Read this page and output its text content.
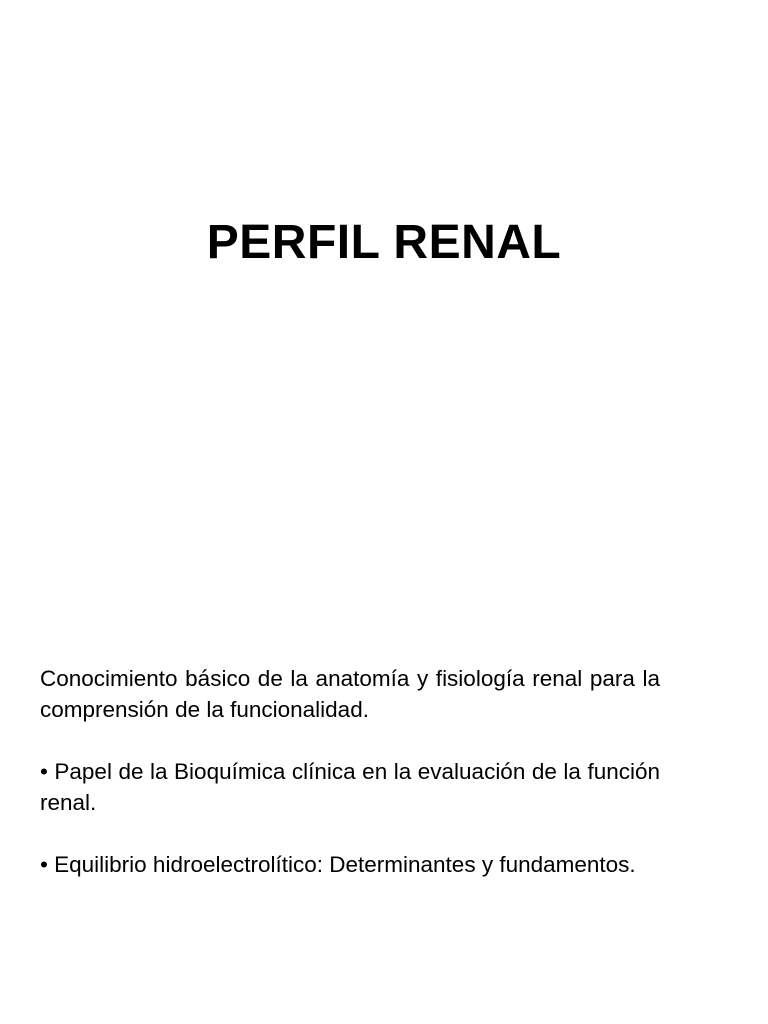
PERFIL RENAL

Conocimiento básico de la anatomía y fisiología renal para la comprensión de la funcionalidad.

• Papel de la Bioquímica clínica en la evaluación de la función renal.

• Equilibrio hidroelectrolítico: Determinantes y fundamentos.
